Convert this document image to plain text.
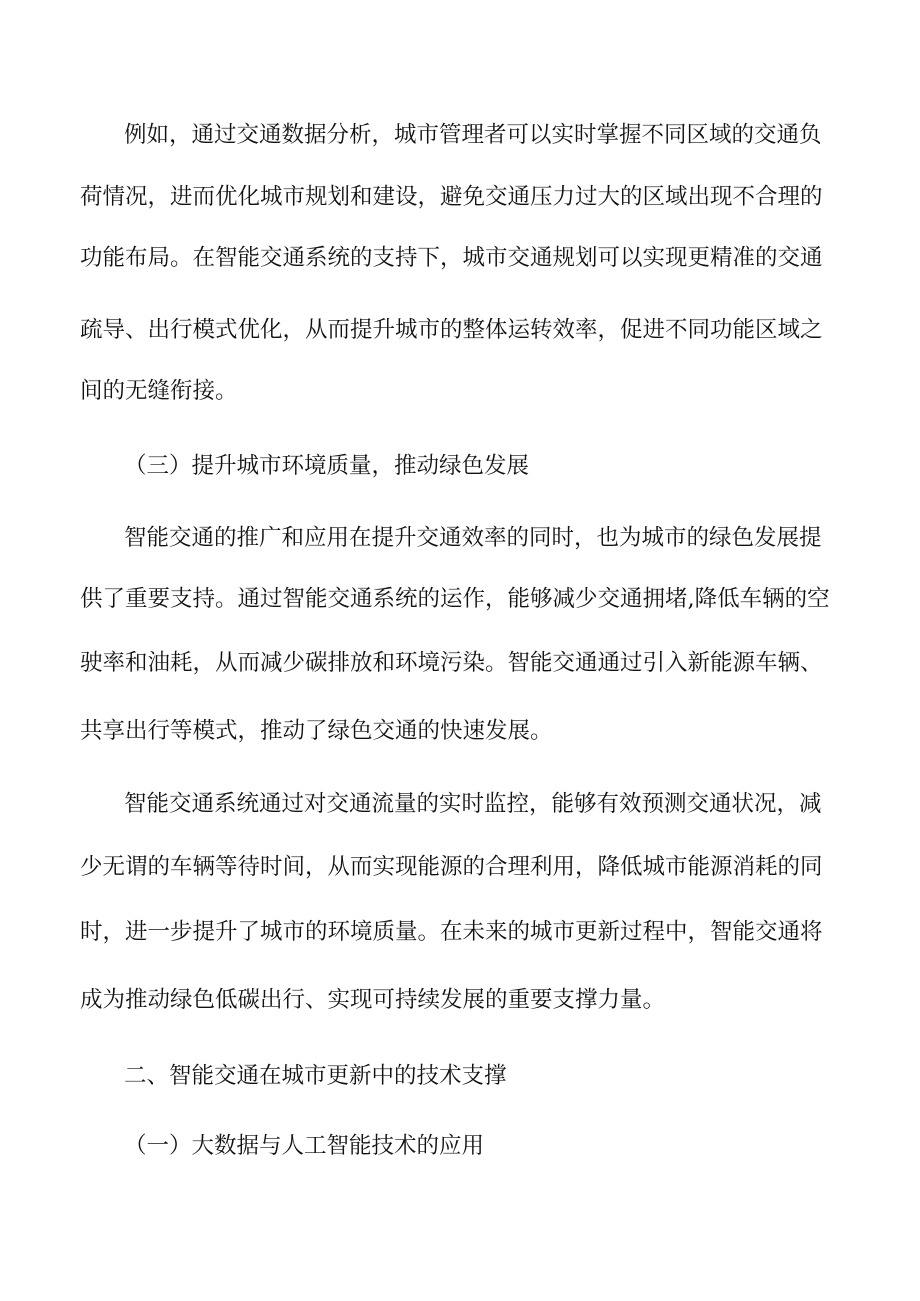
例如，通过交通数据分析，城市管理者可以实时掌握不同区域的交通负

荷情况，进而优化城市规划和建设，避免交通压力过大的区域出现不合理的

功能布局。在智能交通系统的支持下，城市交通规划可以实现更精准的交通

疏导、出行模式优化，从而提升城市的整体运转效率，促进不同功能区域之

间的无缝衔接。

（三）提升城市环境质量，推动绿色发展

智能交通的推广和应用在提升交通效率的同时，也为城市的绿色发展提

供了重要支持。通过智能交通系统的运作，能够减少交通拥堵,降低车辆的空

驶率和油耗，从而减少碳排放和环境污染。智能交通通过引入新能源车辆、

共享出行等模式，推动了绿色交通的快速发展。

智能交通系统通过对交通流量的实时监控，能够有效预测交通状况，减

少无谓的车辆等待时间，从而实现能源的合理利用，降低城市能源消耗的同

时，进一步提升了城市的环境质量。在未来的城市更新过程中，智能交通将

成为推动绿色低碳出行、实现可持续发展的重要支撑力量。

二、智能交通在城市更新中的技术支撑

（一）大数据与人工智能技术的应用
